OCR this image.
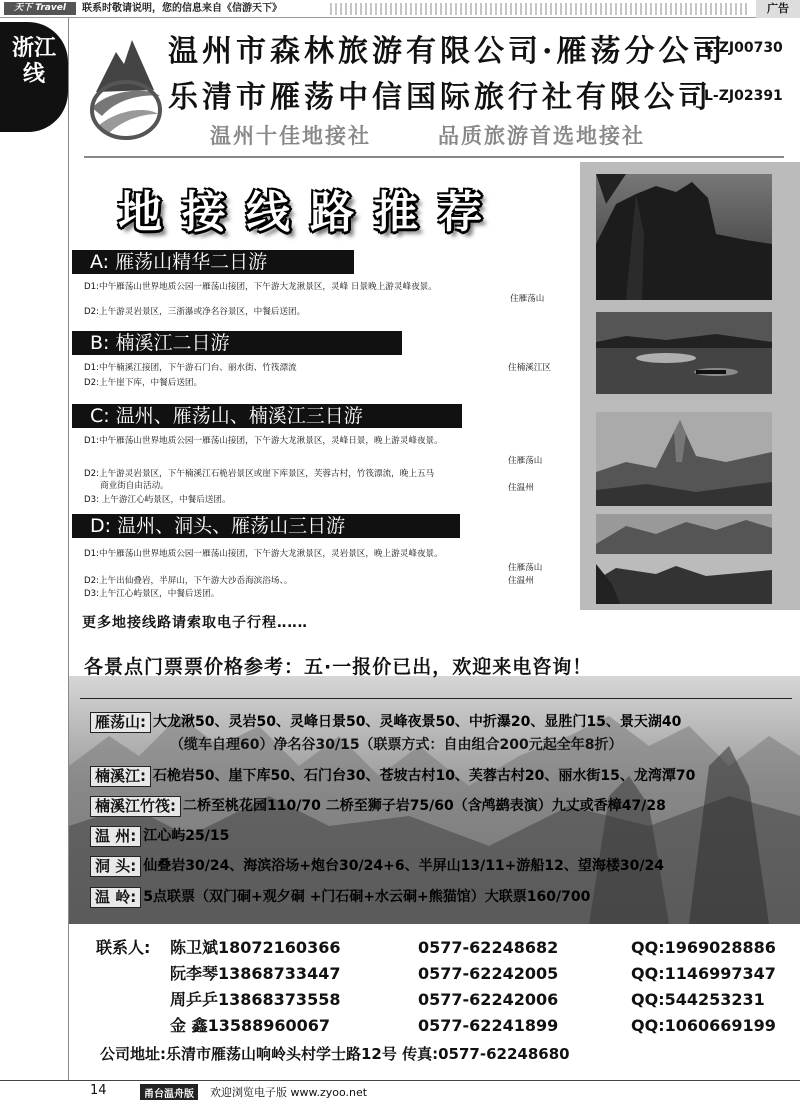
天下 Travel	联系时敬请说明，您的信息来自《信游天下》	广告
浙江线
温州市森林旅游有限公司·雁荡分公司
L-ZJ00730
乐清市雁荡中信国际旅行社有限公司
L-ZJ02391
温州十佳地接社	品质旅游首选地接社
地接线路推荐
A: 雁荡山精华二日游
D1:中午雁荡山世界地质公园一雁荡山接团，下午游大龙湫景区，灵峰 日景晚上游灵峰夜景。
住雁荡山
D2:上午游灵岩景区，三浙瀑或净名谷景区，中餐后送团。
B: 楠溪江二日游
D1:中午楠溪江接团，下午游石门台、丽水街、竹筏漂流	住楠溪江区
D2:上午崖下库，中餐后送团。
C: 温州、雁荡山、楠溪江三日游
D1:中午雁荡山世界地质公园一雁荡山接团，下午游大龙湫景区，灵峰日景，晚上游灵峰夜景。
住雁荡山
D2:上午游灵岩景区，下午楠溪江石桅岩景区或崖下库景区，芙蓉古村，竹筏漂流，晚上五马
商业街自由活动。	住温州
D3: 上午游江心屿景区，中餐后送团。
D: 温州、洞头、雁荡山三日游
D1:中午雁荡山世界地质公园一雁荡山接团，下午游大龙湫景区，灵岩景区，晚上游灵峰夜景。
住雁荡山
D2:上午出仙叠岩，半屏山，下午游大沙岙海滨浴场、。	住温州
D3:上午江心屿景区，中餐后送团。
更多地接线路请索取电子行程‥‥‥
各景点门票票价格参考：五·一报价已出，欢迎来电咨询！
雁荡山: 大龙湫50、灵岩50、灵峰日景50、灵峰夜景50、中折瀑20、显胜门15、景天湖40
（缆车自理60）净名谷30/15（联票方式：自由组合200元起全年8折）
楠溪江: 石桅岩50、崖下库50、石门台30、苍坡古村10、芙蓉古村20、丽水街15、龙湾潭70
楠溪江竹筏: 二桥至桃花园110/70 二桥至狮子岩75/60（含鸬鹚表演）九丈或香樟47/28
温 州: 江心屿25/15
洞 头: 仙叠岩30/24、海滨浴场+炮台30/24+6、半屏山13/11+游船12、望海楼30/24
温 岭: 5点联票（双门硐+观夕硐 +门石硐+水云硐+熊猫馆）大联票160/700
联系人: 陈卫斌18072160366	0577-62248682	QQ:1969028886
阮李琴13868733447	0577-62242005	QQ:1146997347
周乒乒13868373558	0577-62242006	QQ:544253231
金 鑫13588960067	0577-62241899	QQ:1060669199
公司地址:乐清市雁荡山响岭头村学士路12号 传真:0577-62248680
14	甬台温舟版	欢迎浏览电子版 www.zyoo.net
